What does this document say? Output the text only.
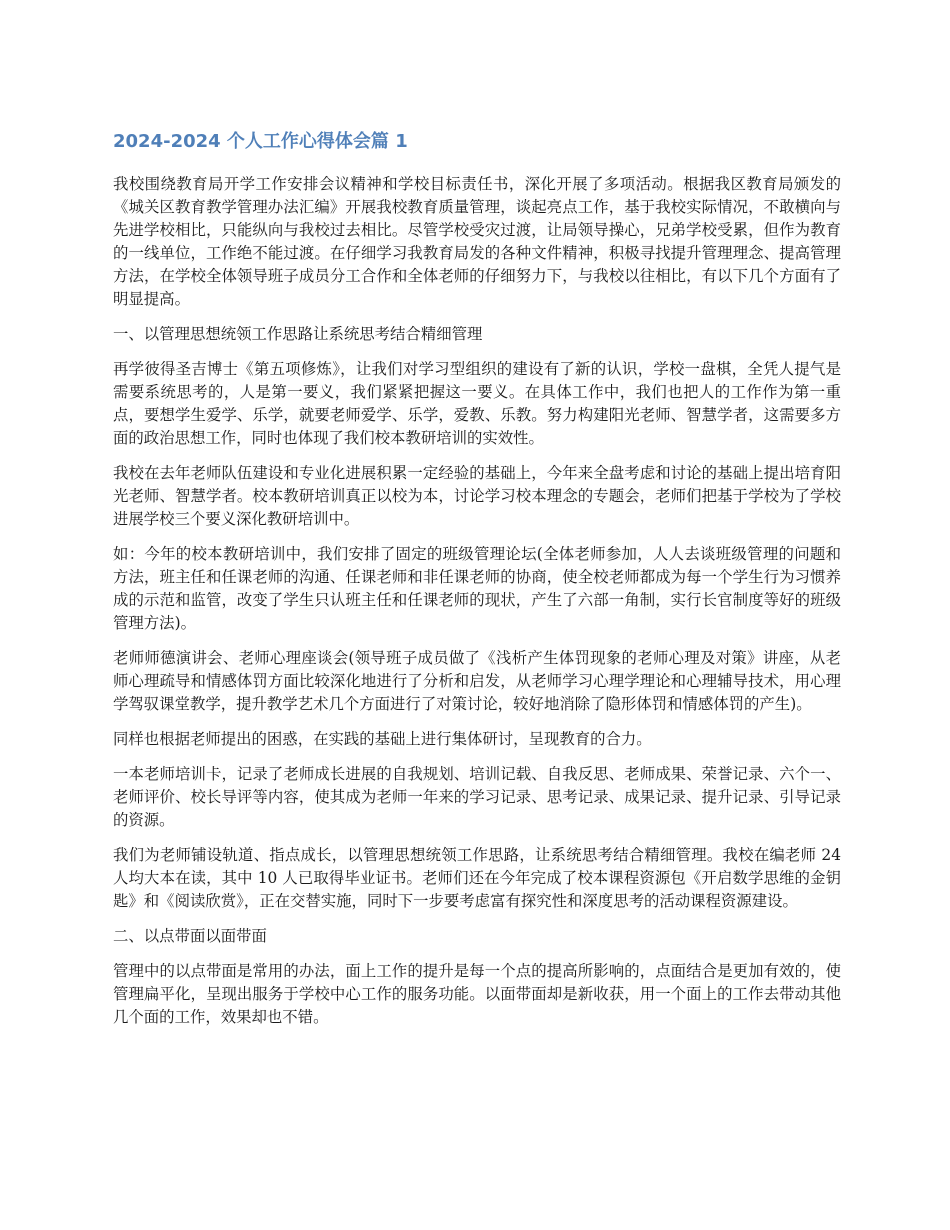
2024-2024 个人工作心得体会篇 1

我校围绕教育局开学工作安排会议精神和学校目标责任书，深化开展了多项活动。根据我区教育局颁发的《城关区教育教学管理办法汇编》开展我校教育质量管理，谈起亮点工作，基于我校实际情况，不敢横向与先进学校相比，只能纵向与我校过去相比。尽管学校受灾过渡，让局领导操心，兄弟学校受累，但作为教育的一线单位，工作绝不能过渡。在仔细学习我教育局发的各种文件精神，积极寻找提升管理理念、提高管理方法，在学校全体领导班子成员分工合作和全体老师的仔细努力下，与我校以往相比，有以下几个方面有了明显提高。

一、以管理思想统领工作思路让系统思考结合精细管理

再学彼得圣吉博士《第五项修炼》，让我们对学习型组织的建设有了新的认识，学校一盘棋，全凭人提气是需要系统思考的，人是第一要义，我们紧紧把握这一要义。在具体工作中，我们也把人的工作作为第一重点，要想学生爱学、乐学，就要老师爱学、乐学，爱教、乐教。努力构建阳光老师、智慧学者，这需要多方面的政治思想工作，同时也体现了我们校本教研培训的实效性。

我校在去年老师队伍建设和专业化进展积累一定经验的基础上，今年来全盘考虑和讨论的基础上提出培育阳光老师、智慧学者。校本教研培训真正以校为本，讨论学习校本理念的专题会，老师们把基于学校为了学校进展学校三个要义深化教研培训中。

如：今年的校本教研培训中，我们安排了固定的班级管理论坛(全体老师参加，人人去谈班级管理的问题和方法，班主任和任课老师的沟通、任课老师和非任课老师的协商，使全校老师都成为每一个学生行为习惯养成的示范和监管，改变了学生只认班主任和任课老师的现状，产生了六部一角制，实行长官制度等好的班级管理方法)。

老师师德演讲会、老师心理座谈会(领导班子成员做了《浅析产生体罚现象的老师心理及对策》讲座，从老师心理疏导和情感体罚方面比较深化地进行了分析和启发，从老师学习心理学理论和心理辅导技术，用心理学驾驭课堂教学，提升教学艺术几个方面进行了对策讨论，较好地消除了隐形体罚和情感体罚的产生)。

同样也根据老师提出的困惑，在实践的基础上进行集体研讨，呈现教育的合力。

一本老师培训卡，记录了老师成长进展的自我规划、培训记载、自我反思、老师成果、荣誉记录、六个一、老师评价、校长导评等内容，使其成为老师一年来的学习记录、思考记录、成果记录、提升记录、引导记录的资源。

我们为老师铺设轨道、指点成长，以管理思想统领工作思路，让系统思考结合精细管理。我校在编老师 24 人均大本在读，其中 10 人已取得毕业证书。老师们还在今年完成了校本课程资源包《开启数学思维的金钥匙》和《阅读欣赏》，正在交替实施，同时下一步要考虑富有探究性和深度思考的活动课程资源建设。

二、以点带面以面带面

管理中的以点带面是常用的办法，面上工作的提升是每一个点的提高所影响的，点面结合是更加有效的，使管理扁平化，呈现出服务于学校中心工作的服务功能。以面带面却是新收获，用一个面上的工作去带动其他几个面的工作，效果却也不错。
